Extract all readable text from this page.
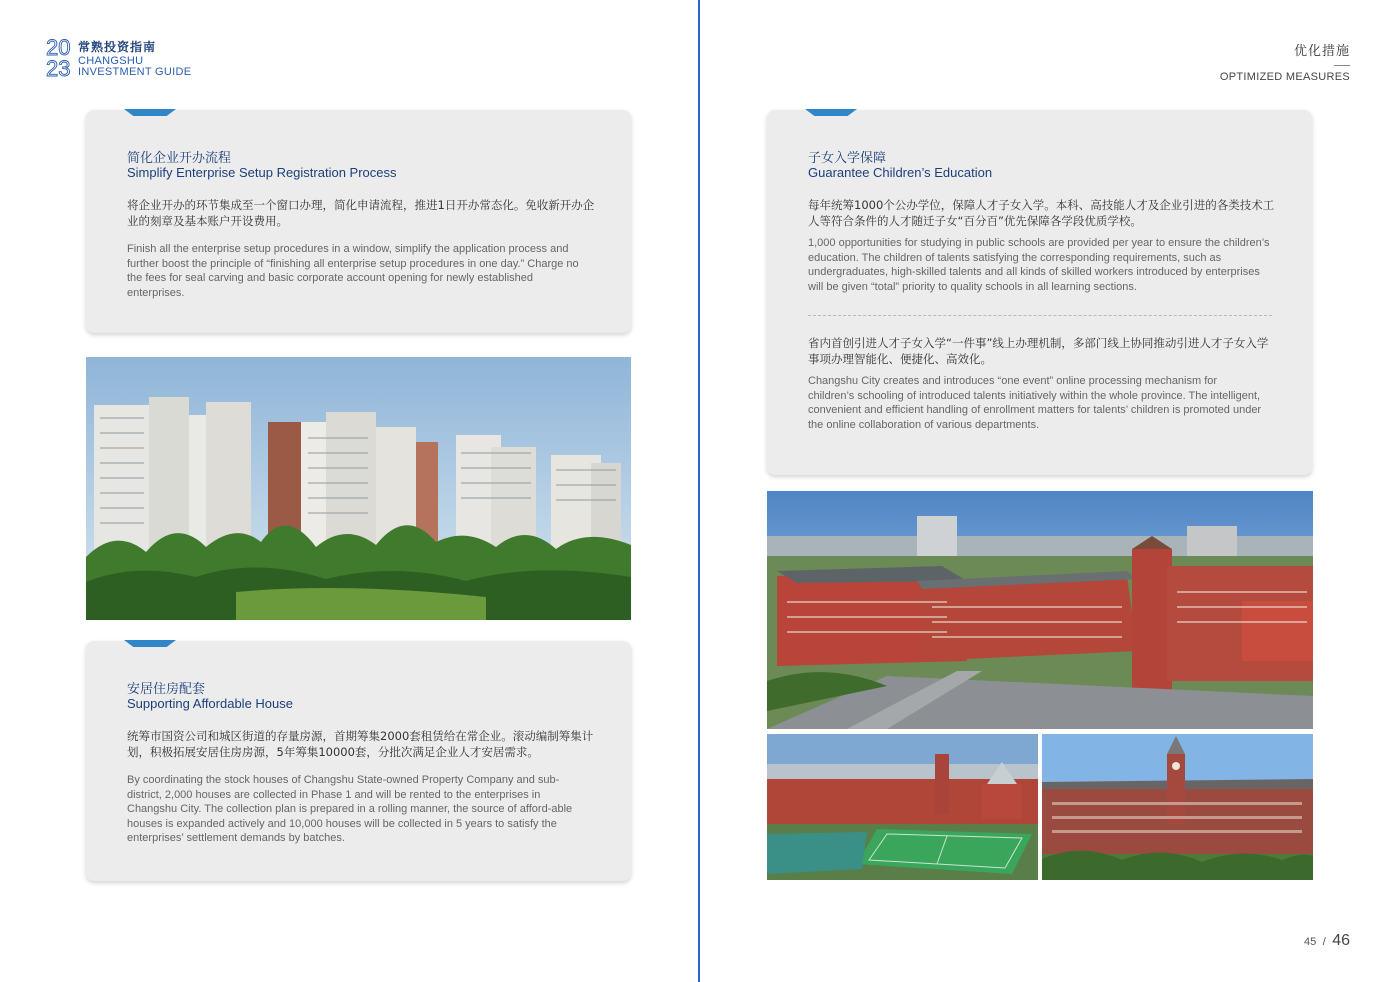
20
23
常熟投资指南
CHANGSHU
INVESTMENT GUIDE
简化企业开办流程
Simplify Enterprise Setup Registration Process
将企业开办的环节集成至一个窗口办理，简化申请流程，推进1日开办常态化。免收新开办企业的刻章及基本账户开设费用。
Finish all the enterprise setup procedures in a window, simplify the application process and further boost the principle of “finishing all enterprise setup procedures in one day.” Charge no the fees for seal carving and basic corporate account opening for newly established enterprises.
安居住房配套
Supporting Affordable House
统筹市国资公司和城区街道的存量房源，首期筹集2000套租赁给在常企业。滚动编制筹集计划，积极拓展安居住房房源，5年筹集10000套，分批次满足企业人才安居需求。
By coordinating the stock houses of Changshu State-owned Property Company and sub-district, 2,000 houses are collected in Phase 1 and will be rented to the enterprises in Changshu City. The collection plan is prepared in a rolling manner, the source of afford-able houses is expanded actively and 10,000 houses will be collected in 5 years to satisfy the enterprises’ settlement demands by batches.
优化措施
OPTIMIZED MEASURES
子女入学保障
Guarantee Children’s Education
每年统筹1000个公办学位，保障人才子女入学。本科、高技能人才及企业引进的各类技术工人等符合条件的人才随迁子女“百分百”优先保障各学段优质学校。
1,000 opportunities for studying in public schools are provided per year to ensure the children’s education. The children of talents satisfying the corresponding requirements, such as undergraduates, high-skilled talents and all kinds of skilled workers introduced by enterprises will be given “total” priority to quality schools in all learning sections.
省内首创引进人才子女入学“一件事”线上办理机制，多部门线上协同推动引进人才子女入学事项办理智能化、便捷化、高效化。
Changshu City creates and introduces “one event” online processing mechanism for children’s schooling of introduced talents initiatively within the whole province. The intelligent, convenient and efficient handling of enrollment matters for talents’ children is promoted under the online collaboration of various departments.
45 / 46
